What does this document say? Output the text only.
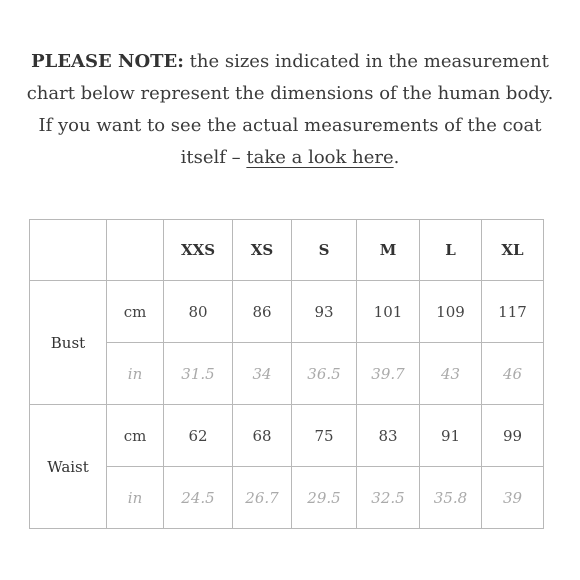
PLEASE NOTE: the sizes indicated in the measurement chart below represent the dimensions of the human body. If you want to see the actual measurements of the coat itself – take a look here.

		XXS	XS	S	M	L	XL
Bust	cm	80	86	93	101	109	117
	in	31.5	34	36.5	39.7	43	46
Waist	cm	62	68	75	83	91	99
	in	24.5	26.7	29.5	32.5	35.8	39
